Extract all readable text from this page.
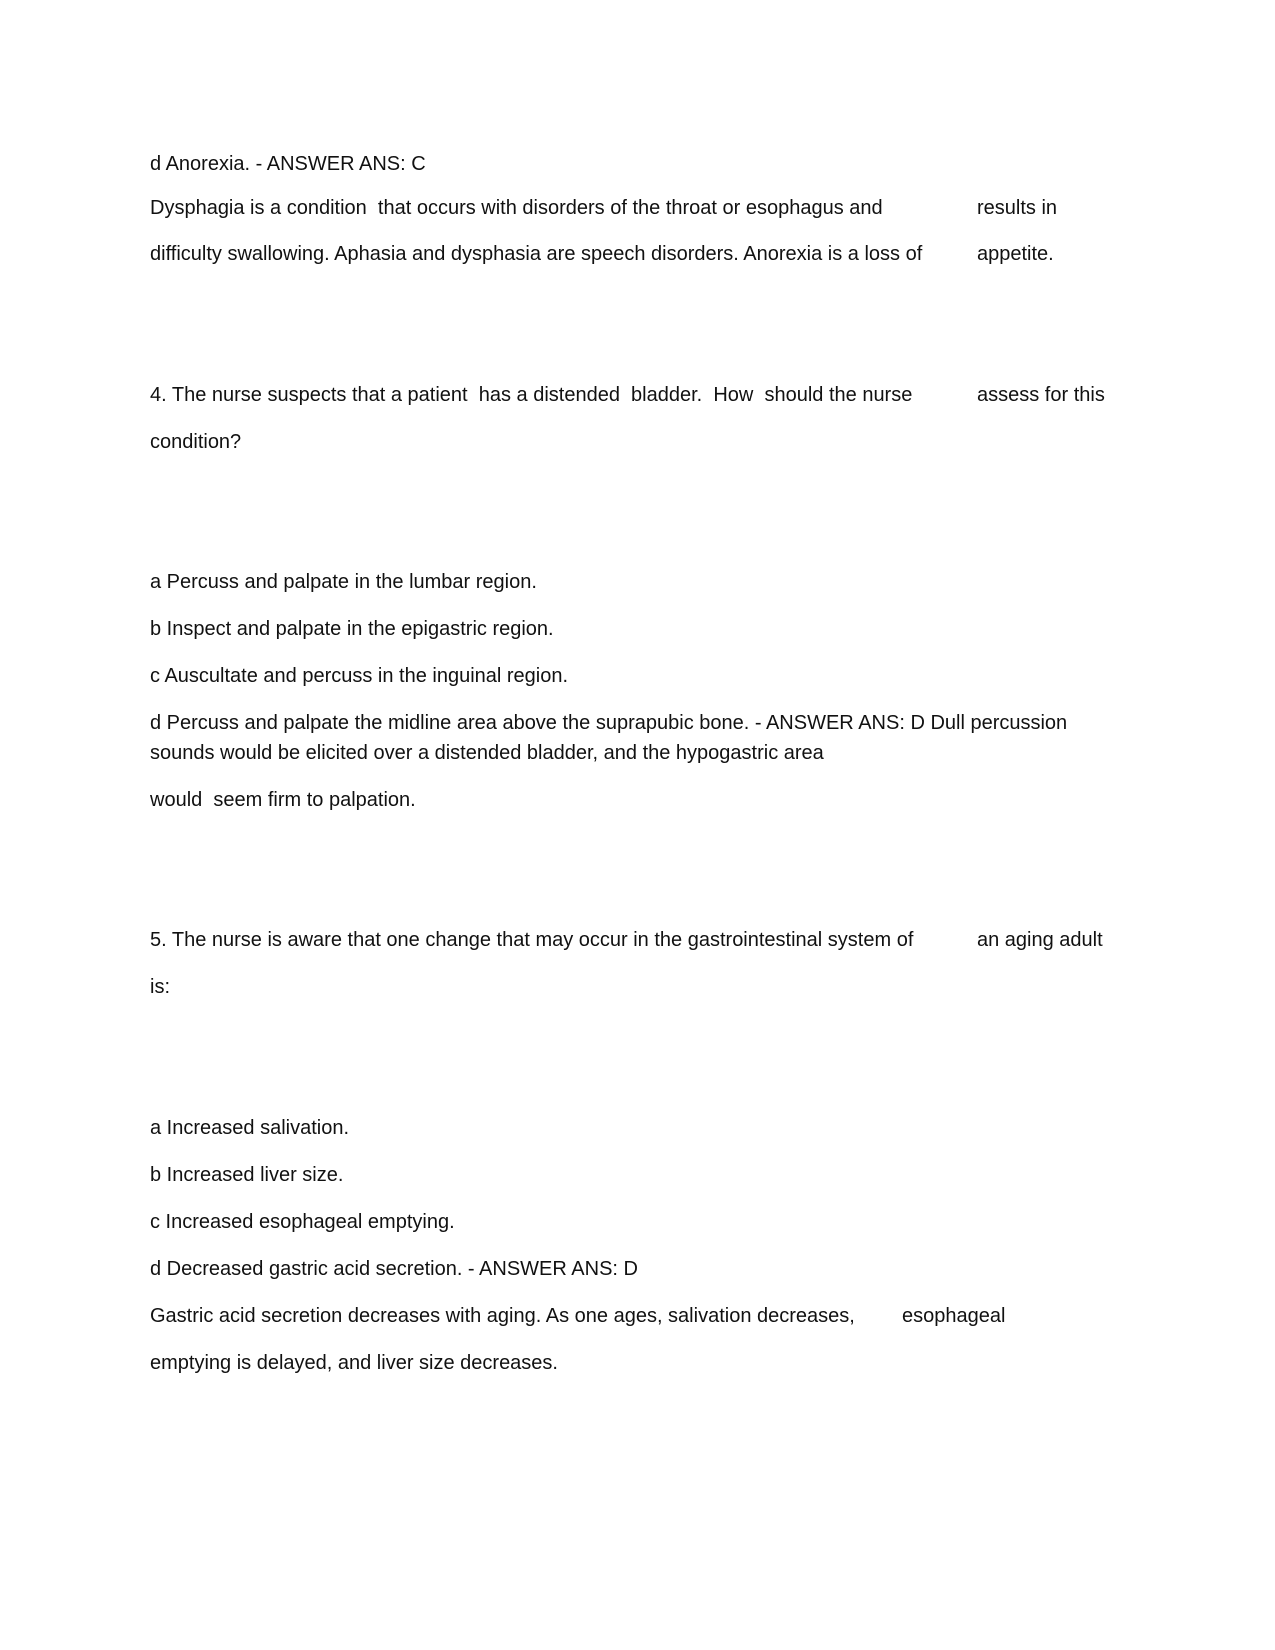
d Anorexia. - ANSWER ANS: C
Dysphagia is a condition  that occurs with disorders of the throat or esophagus and	results in
difficulty swallowing. Aphasia and dysphasia are speech disorders. Anorexia is a loss of	appetite.
4. The nurse suspects that a patient  has a distended  bladder.  How  should the nurse	assess for this
condition?
a Percuss and palpate in the lumbar region.
b Inspect and palpate in the epigastric region.
c Auscultate and percuss in the inguinal region.
d Percuss and palpate the midline area above the suprapubic bone. - ANSWER ANS: D Dull percussion
sounds would be elicited over a distended bladder, and the hypogastric area
would  seem firm to palpation.
5. The nurse is aware that one change that may occur in the gastrointestinal system of	an aging adult
is:
a Increased salivation.
b Increased liver size.
c Increased esophageal emptying.
d Decreased gastric acid secretion. - ANSWER ANS: D
Gastric acid secretion decreases with aging. As one ages, salivation decreases, esophageal
emptying is delayed, and liver size decreases.
